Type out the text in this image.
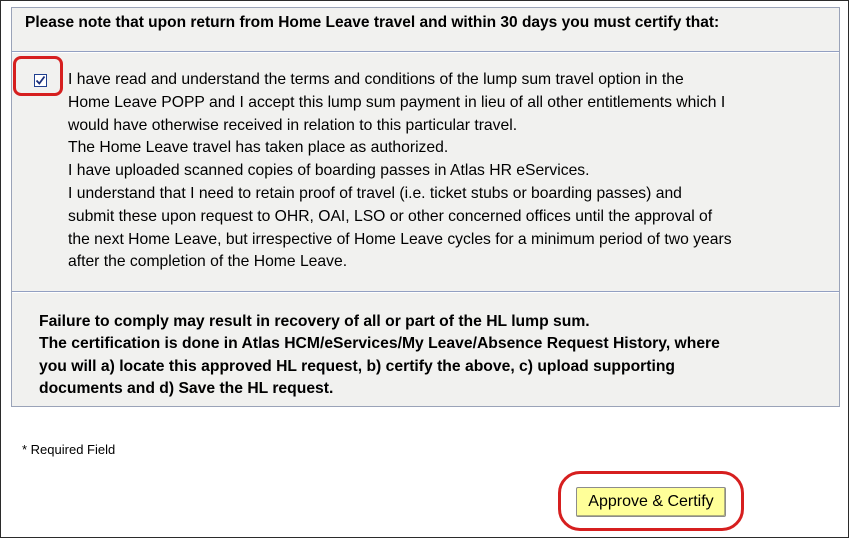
Please note that upon return from Home Leave travel and within 30 days you must certify that:
I have read and understand the terms and conditions of the lump sum travel option in the
Home Leave POPP and I accept this lump sum payment in lieu of all other entitlements which I
would have otherwise received in relation to this particular travel.
The Home Leave travel has taken place as authorized.
I have uploaded scanned copies of boarding passes in Atlas HR eServices.
I understand that I need to retain proof of travel (i.e. ticket stubs or boarding passes) and
submit these upon request to OHR, OAI, LSO or other concerned offices until the approval of
the next Home Leave, but irrespective of Home Leave cycles for a minimum period of two years
after the completion of the Home Leave.
Failure to comply may result in recovery of all or part of the HL lump sum.
The certification is done in Atlas HCM/eServices/My Leave/Absence Request History, where
you will a) locate this approved HL request, b) certify the above, c) upload supporting
documents and d) Save the HL request.
* Required Field
Approve & Certify
